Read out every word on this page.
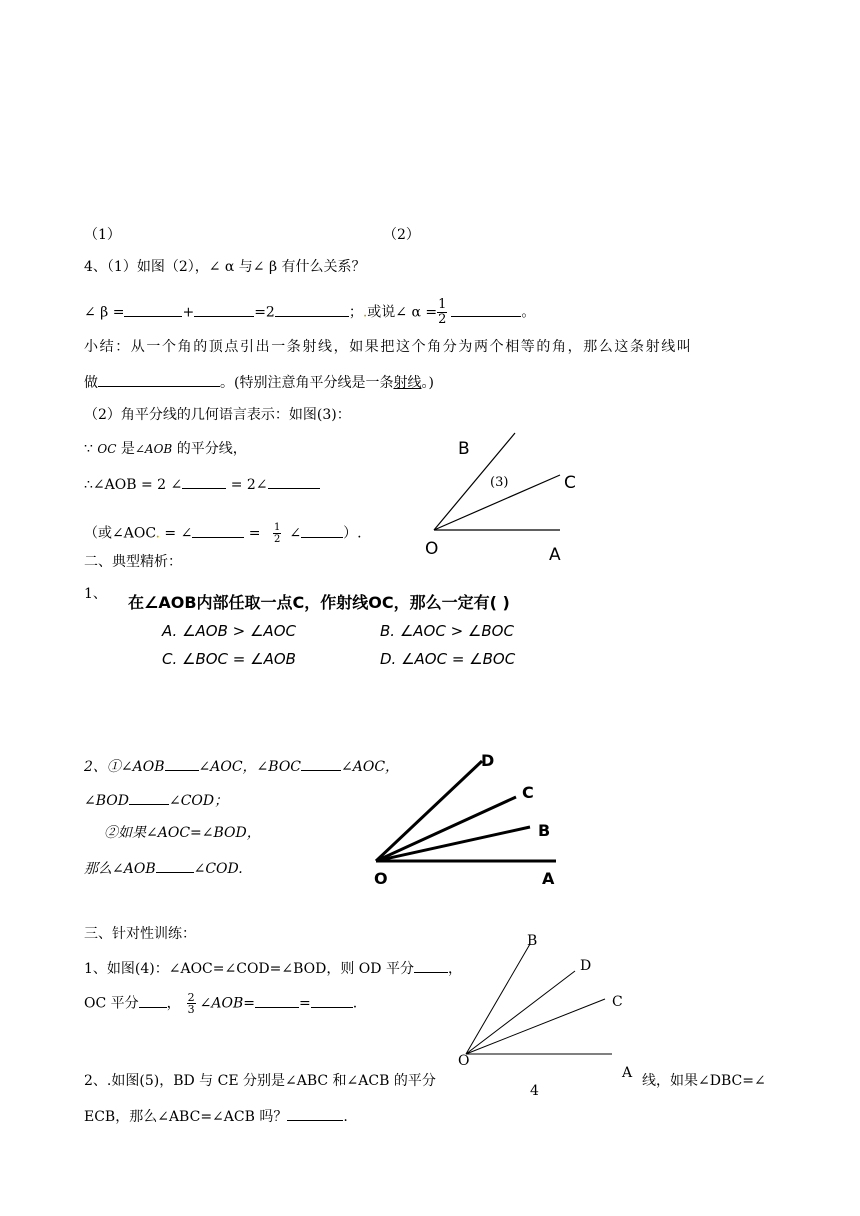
（1）	（2）
4、（1）如图（2），∠ α 与∠ β 有什么关系？
∠ β =	+	=2	；.或说∠ $\alpha = \frac{1}{2}$	。
小结：从一个角的顶点引出一条射线，如果把这个角分为两个相等的角，那么这条射线叫
做	。(特别注意角平分线是一条射线。)
（2）角平分线的几何语言表示：如图(3)：
∵ OC 是∠AOB 的平分线，
∴∠AOB = 2 ∠	= 2∠
（或∠AOC. = ∠	= $\frac{1}{2}$ ∠	）.
B
C
(3)
O	A
二、典型精析：
1、 在∠AOB内部任取一点C，作射线OC，那么一定有( )
A. ∠AOB > ∠AOC	B. ∠AOC > ∠BOC
C. ∠BOC = ∠AOB	D. ∠AOC = ∠BOC
2、①∠AOB ∠AOC，∠BOC	∠AOC，
∠BOD	∠COD；
②如果∠AOC=∠BOD，
那么∠AOB	∠COD.
D
C
B
O	A
三、针对性训练：
1、如图(4)：∠AOC=∠COD=∠BOD，则 OD 平分 ，
OC 平分 ， $\frac{2}{3}$ ∠AOB=	=	.
B
D
C
O
A
4
2、.如图(5)，BD 与 CE 分别是∠ABC 和∠ACB 的平分	线，如果∠DBC=∠
ECB，那么∠ABC=∠ACB 吗？	.
